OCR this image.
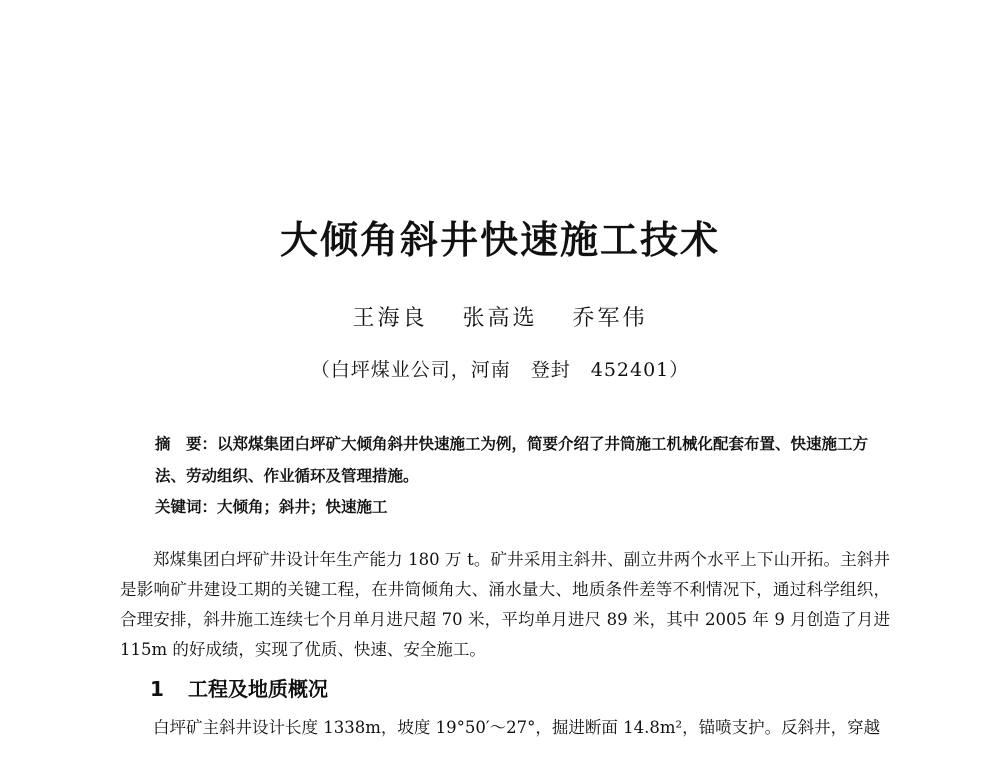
大倾角斜井快速施工技术
王海良　 张高选　 乔军伟
（白坪煤业公司，河南　登封　452401）

摘　要：以郑煤集团白坪矿大倾角斜井快速施工为例，简要介绍了井筒施工机械化配套布置、快速施工方法、劳动组织、作业循环及管理措施。

关键词：大倾角；斜井；快速施工

郑煤集团白坪矿井设计年生产能力 180 万 t。矿井采用主斜井、副立井两个水平上下山开拓。主斜井是影响矿井建设工期的关键工程，在井筒倾角大、涌水量大、地质条件差等不利情况下，通过科学组织，合理安排，斜井施工连续七个月单月进尺超 70 米，平均单月进尺 89 米，其中 2005 年 9 月创造了月进 115m 的好成绩，实现了优质、快速、安全施工。

1 工程及地质概况

白坪矿主斜井设计长度 1338m，坡度 19°50′～27°，掘进断面 14.8m²，锚喷支护。反斜井，穿越
